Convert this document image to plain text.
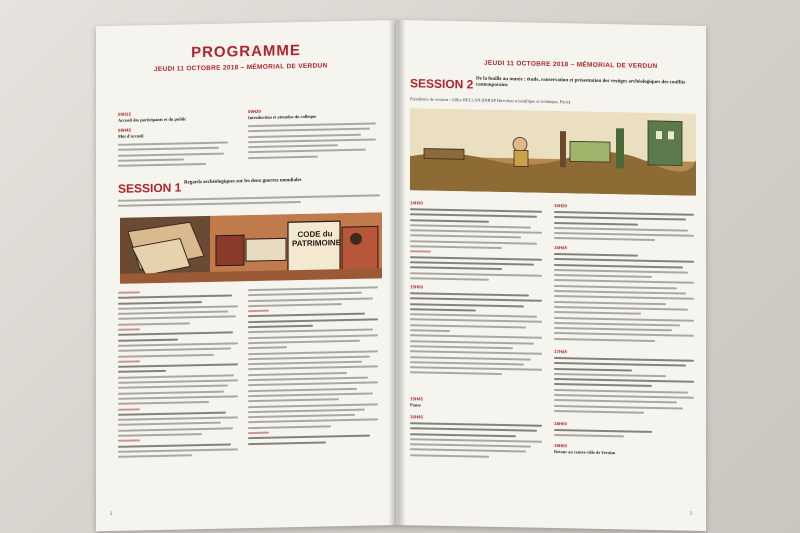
PROGRAMME
JEUDI 11 OCTOBRE 2018 – MÉMORIAL DE VERDUN
09H15
Accueil des participants et du public
09H45
Mot d'accueil
09H30
Introduction et attendus du colloque
SESSION 1 Regards archéologiques sur les deux guerres mondiales
CODE du PATRIMOINE
2
JEUDI 11 OCTOBRE 2018 – MÉMORIAL DE VERDUN
SESSION 2 De la fouille au musée : étude, conservation et présentation des vestiges archéologiques des conflits contemporains
Présidence de session : Gilles BELLAN (INRAP Direction scientifique et technique, Paris)
14H30
15H00
15H45
Pause
16H45
16H20
16H45
17H45
18H00
19H00
Retour au centre-ville de Verdun
3
